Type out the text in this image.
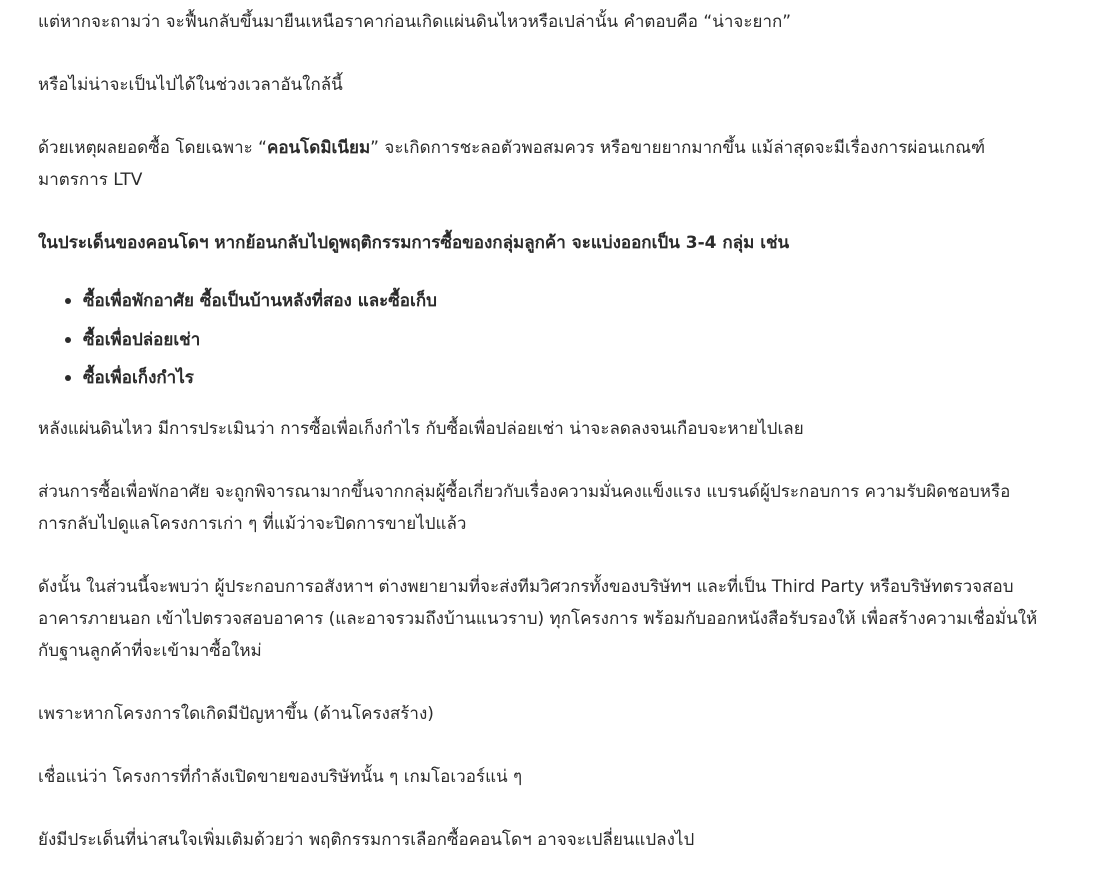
แต่หากจะถามว่า จะฟื้นกลับขึ้นมายืนเหนือราคาก่อนเกิดแผ่นดินไหวหรือเปล่านั้น คำตอบคือ “น่าจะยาก”

หรือไม่น่าจะเป็นไปได้ในช่วงเวลาอันใกล้นี้

ด้วยเหตุผลยอดซื้อ โดยเฉพาะ “คอนโดมิเนียม” จะเกิดการชะลอตัวพอสมควร หรือขายยากมากขึ้น แม้ล่าสุดจะมีเรื่องการผ่อนเกณฑ์มาตรการ LTV

ในประเด็นของคอนโดฯ หากย้อนกลับไปดูพฤติกรรมการซื้อของกลุ่มลูกค้า จะแบ่งออกเป็น 3-4 กลุ่ม เช่น

ซื้อเพื่อพักอาศัย ซื้อเป็นบ้านหลังที่สอง และซื้อเก็บ
ซื้อเพื่อปล่อยเช่า
ซื้อเพื่อเก็งกำไร

หลังแผ่นดินไหว มีการประเมินว่า การซื้อเพื่อเก็งกำไร กับซื้อเพื่อปล่อยเช่า น่าจะลดลงจนเกือบจะหายไปเลย

ส่วนการซื้อเพื่อพักอาศัย จะถูกพิจารณามากขึ้นจากกลุ่มผู้ซื้อเกี่ยวกับเรื่องความมั่นคงแข็งแรง แบรนด์ผู้ประกอบการ ความรับผิดชอบหรือการกลับไปดูแลโครงการเก่า ๆ ที่แม้ว่าจะปิดการขายไปแล้ว

ดังนั้น ในส่วนนี้จะพบว่า ผู้ประกอบการอสังหาฯ ต่างพยายามที่จะส่งทีมวิศวกรทั้งของบริษัทฯ และที่เป็น Third Party หรือบริษัทตรวจสอบอาคารภายนอก เข้าไปตรวจสอบอาคาร (และอาจรวมถึงบ้านแนวราบ) ทุกโครงการ พร้อมกับออกหนังสือรับรองให้ เพื่อสร้างความเชื่อมั่นให้กับฐานลูกค้าที่จะเข้ามาซื้อใหม่

เพราะหากโครงการใดเกิดมีปัญหาขึ้น (ด้านโครงสร้าง)

เชื่อแน่ว่า โครงการที่กำลังเปิดขายของบริษัทนั้น ๆ เกมโอเวอร์แน่ ๆ

ยังมีประเด็นที่น่าสนใจเพิ่มเติมด้วยว่า พฤติกรรมการเลือกซื้อคอนโดฯ อาจจะเปลี่ยนแปลงไป
